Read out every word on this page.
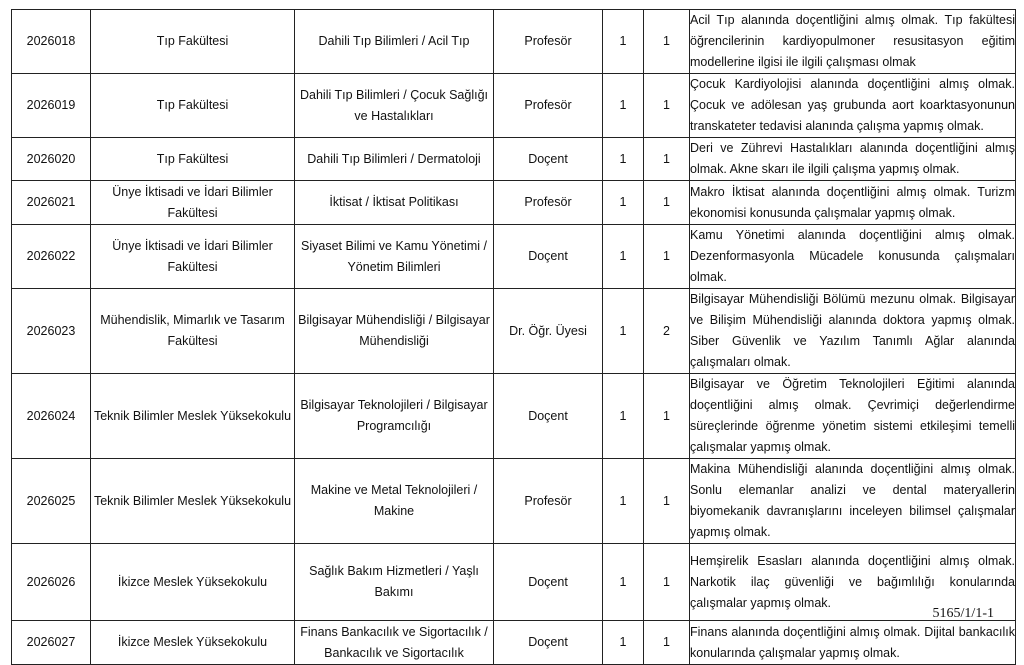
2026018	Tıp Fakültesi	Dahili Tıp Bilimleri / Acil Tıp	Profesör	1	1	Acil Tıp alanında doçentliğini almış olmak. Tıp fakültesi öğrencilerinin kardiyopulmoner resusitasyon eğitim modellerine ilgisi ile ilgili çalışması olmak
2026019	Tıp Fakültesi	Dahili Tıp Bilimleri / Çocuk Sağlığı ve Hastalıkları	Profesör	1	1	Çocuk Kardiyolojisi alanında doçentliğini almış olmak. Çocuk ve adölesan yaş grubunda aort koarktasyonunun transkateter tedavisi alanında çalışma yapmış olmak.
2026020	Tıp Fakültesi	Dahili Tıp Bilimleri / Dermatoloji	Doçent	1	1	Deri ve Zührevi Hastalıkları alanında doçentliğini almış olmak. Akne skarı ile ilgili çalışma yapmış olmak.
2026021	Ünye İktisadi ve İdari Bilimler Fakültesi	İktisat / İktisat Politikası	Profesör	1	1	Makro İktisat alanında doçentliğini almış olmak. Turizm ekonomisi konusunda çalışmalar yapmış olmak.
2026022	Ünye İktisadi ve İdari Bilimler Fakültesi	Siyaset Bilimi ve Kamu Yönetimi / Yönetim Bilimleri	Doçent	1	1	Kamu Yönetimi alanında doçentliğini almış olmak. Dezenformasyonla Mücadele konusunda çalışmaları olmak.
2026023	Mühendislik, Mimarlık ve Tasarım Fakültesi	Bilgisayar Mühendisliği / Bilgisayar Mühendisliği	Dr. Öğr. Üyesi	1	2	Bilgisayar Mühendisliği Bölümü mezunu olmak. Bilgisayar ve Bilişim Mühendisliği alanında doktora yapmış olmak. Siber Güvenlik ve Yazılım Tanımlı Ağlar alanında çalışmaları olmak.
2026024	Teknik Bilimler Meslek Yüksekokulu	Bilgisayar Teknolojileri / Bilgisayar Programcılığı	Doçent	1	1	Bilgisayar ve Öğretim Teknolojileri Eğitimi alanında doçentliğini almış olmak. Çevrimiçi değerlendirme süreçlerinde öğrenme yönetim sistemi etkileşimi temelli çalışmalar yapmış olmak.
2026025	Teknik Bilimler Meslek Yüksekokulu	Makine ve Metal Teknolojileri / Makine	Profesör	1	1	Makina Mühendisliği alanında doçentliğini almış olmak. Sonlu elemanlar analizi ve dental materyallerin biyomekanik davranışlarını inceleyen bilimsel çalışmalar yapmış olmak.
2026026	İkizce Meslek Yüksekokulu	Sağlık Bakım Hizmetleri / Yaşlı Bakımı	Doçent	1	1	Hemşirelik Esasları alanında doçentliğini almış olmak. Narkotik ilaç güvenliği ve bağımlılığı konularında çalışmalar yapmış olmak.
2026027	İkizce Meslek Yüksekokulu	Finans Bankacılık ve Sigortacılık / Bankacılık ve Sigortacılık	Doçent	1	1	Finans alanında doçentliğini almış olmak. Dijital bankacılık konularında çalışmalar yapmış olmak.
5165/1/1-1
